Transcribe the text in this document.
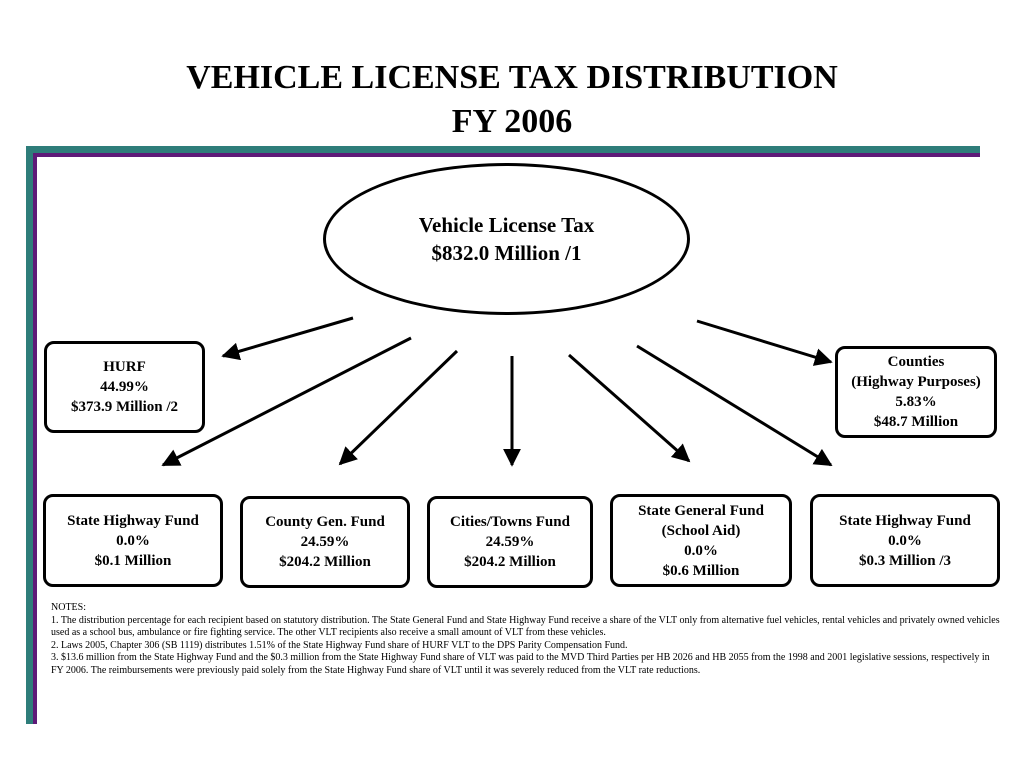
VEHICLE LICENSE TAX DISTRIBUTION
FY 2006
Vehicle License Tax
$832.0 Million /1
HURF
44.99%
$373.9 Million /2
Counties
(Highway Purposes)
5.83%
$48.7 Million
State Highway Fund
0.0%
$0.1 Million
County Gen. Fund
24.59%
$204.2 Million
Cities/Towns Fund
24.59%
$204.2 Million
State General Fund
(School Aid)
0.0%
$0.6 Million
State Highway Fund
0.0%
$0.3 Million /3
NOTES:
1. The distribution percentage for each recipient based on statutory distribution. The State General Fund and State Highway Fund receive a share of the VLT only from alternative fuel vehicles, rental vehicles and privately owned vehicles used as a school bus, ambulance or fire fighting service. The other VLT recipients also receive a small amount of VLT from these vehicles.
2. Laws 2005, Chapter 306 (SB 1119) distributes 1.51% of the State Highway Fund share of HURF VLT to the DPS Parity Compensation Fund.
3. $13.6 million from the State Highway Fund and the $0.3 million from the State Highway Fund share of VLT was paid to the MVD Third Parties per HB 2026 and HB 2055 from the 1998 and 2001 legislative sessions, respectively in FY 2006. The reimbursements were previously paid solely from the State Highway Fund share of VLT until it was severely reduced from the VLT rate reductions.
